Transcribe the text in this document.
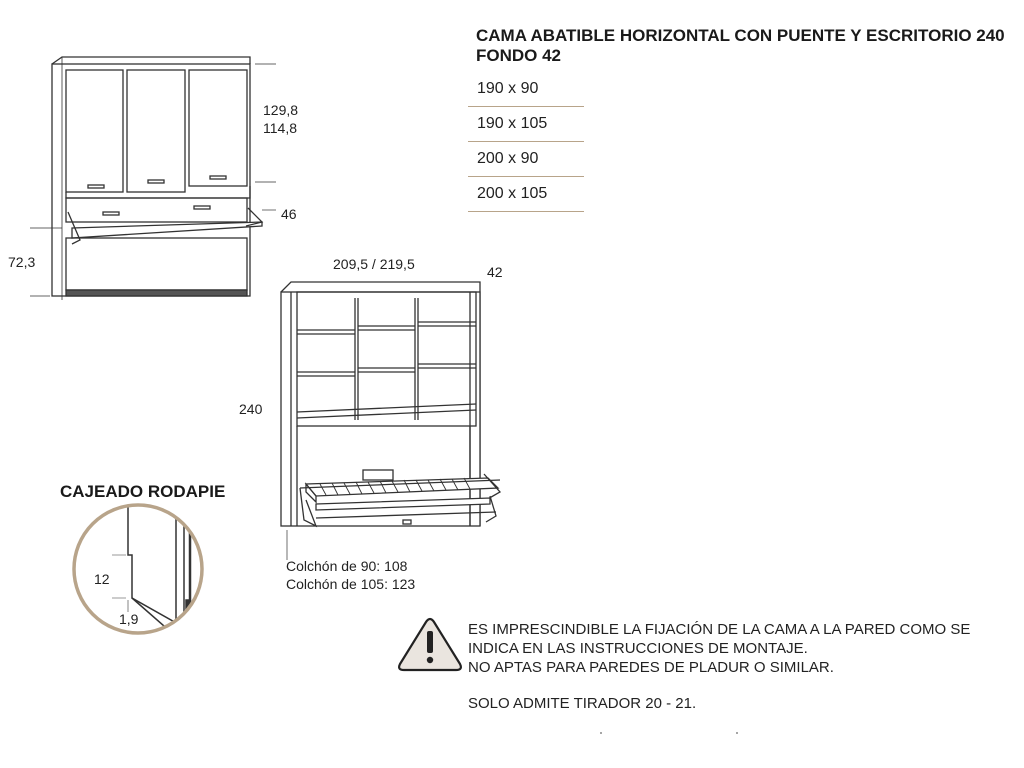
CAMA ABATIBLE HORIZONTAL CON PUENTE Y ESCRITORIO 240 FONDO 42
190 x 90
190 x 105
200 x 90
200 x 105
129,8
114,8
46
72,3	209,5 / 219,5	42
240
Colchón de 90: 108
Colchón de 105: 123
CAJEADO RODAPIE
12
1,9
ES IMPRESCINDIBLE LA FIJACIÓN DE LA CAMA A LA PARED COMO SE
INDICA EN LAS INSTRUCCIONES DE MONTAJE.
NO APTAS PARA PAREDES DE PLADUR O SIMILAR.
SOLO ADMITE TIRADOR 20 - 21.
